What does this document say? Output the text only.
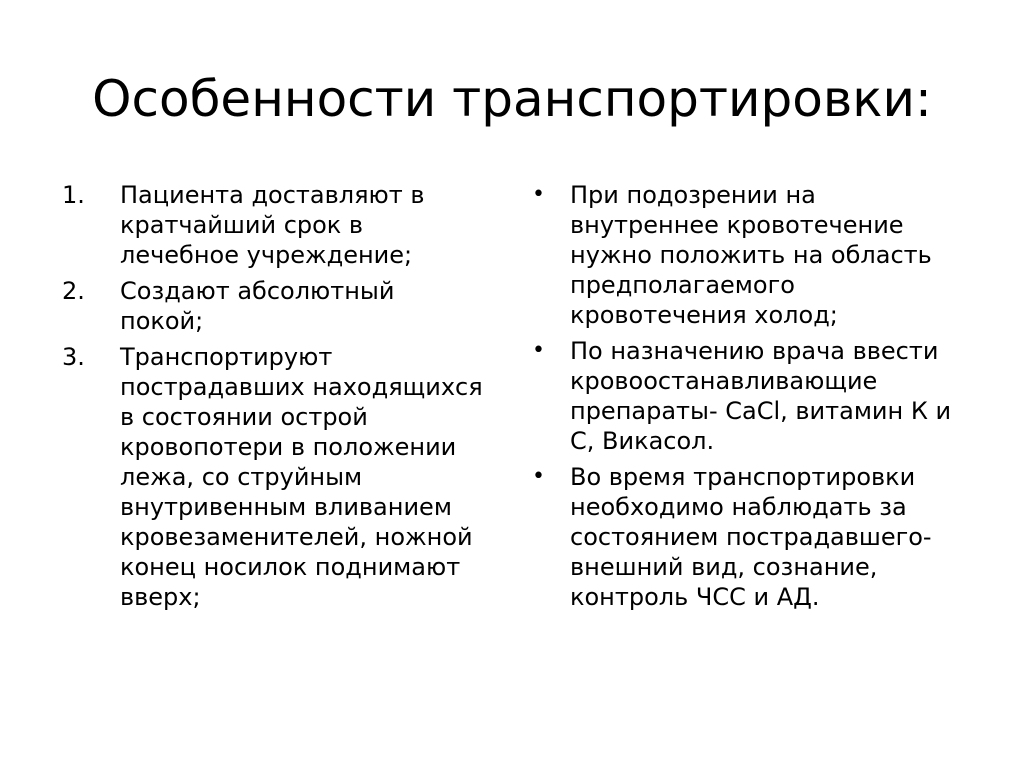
Особенности транспортировки:
1. Пациента доставляют в
кратчайший срок в
лечебное учреждение;
2. Создают абсолютный
покой;
3. Транспортируют
пострадавших находящихся
в состоянии острой
кровопотери в положении
лежа, со струйным
внутривенным вливанием
кровезаменителей, ножной
конец носилок поднимают
вверх;
• При подозрении на
внутреннее кровотечение
нужно положить на область
предполагаемого
кровотечения холод;
• По назначению врача ввести
кровоостанавливающие
препараты- CaCl, витамин К и
С, Викасол.
• Во время транспортировки
необходимо наблюдать за
состоянием пострадавшего-
внешний вид, сознание,
контроль ЧСС и АД.
